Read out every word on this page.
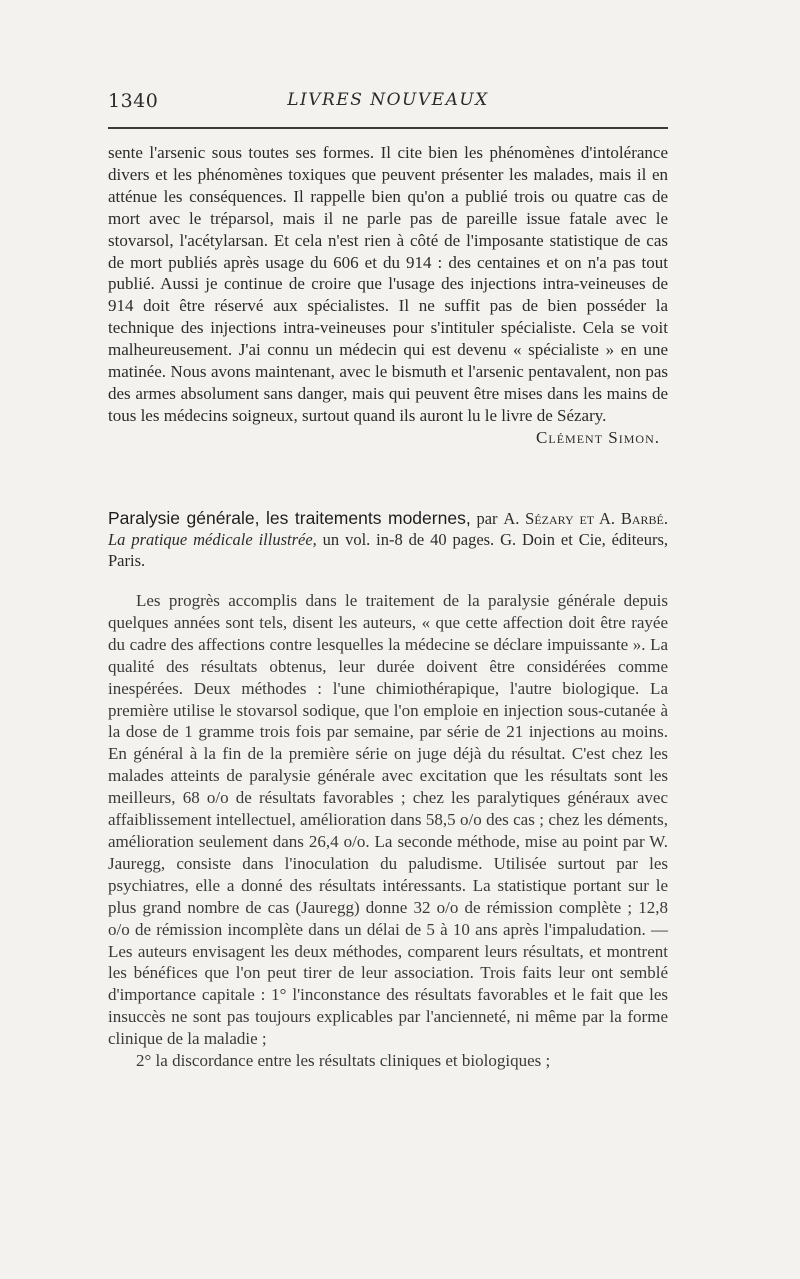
1340	LIVRES NOUVEAUX
sente l'arsenic sous toutes ses formes. Il cite bien les phénomènes d'intolérance divers et les phénomènes toxiques que peuvent présenter les malades, mais il en atténue les conséquences. Il rappelle bien qu'on a publié trois ou quatre cas de mort avec le tréparsol, mais il ne parle pas de pareille issue fatale avec le stovarsol, l'acétylarsan. Et cela n'est rien à côté de l'imposante statistique de cas de mort publiés après usage du 606 et du 914 : des centaines et on n'a pas tout publié. Aussi je continue de croire que l'usage des injections intra-veineuses de 914 doit être réservé aux spécialistes. Il ne suffit pas de bien posséder la technique des injections intra-veineuses pour s'intituler spécialiste. Cela se voit malheureusement. J'ai connu un médecin qui est devenu « spécialiste » en une matinée. Nous avons maintenant, avec le bismuth et l'arsenic pentavalent, non pas des armes absolument sans danger, mais qui peuvent être mises dans les mains de tous les médecins soigneux, surtout quand ils auront lu le livre de Sézary.
Clément Simon.
Paralysie générale, les traitements modernes, par A. Sézary et A. Barbé. La pratique médicale illustrée, un vol. in-8 de 40 pages. G. Doin et Cie, éditeurs, Paris.

Les progrès accomplis dans le traitement de la paralysie générale depuis quelques années sont tels, disent les auteurs, « que cette affection doit être rayée du cadre des affections contre lesquelles la médecine se déclare impuissante ». La qualité des résultats obtenus, leur durée doivent être considérées comme inespérées. Deux méthodes : l'une chimiothérapique, l'autre biologique. La première utilise le stovarsol sodique, que l'on emploie en injection sous-cutanée à la dose de 1 gramme trois fois par semaine, par série de 21 injections au moins. En général à la fin de la première série on juge déjà du résultat. C'est chez les malades atteints de paralysie générale avec excitation que les résultats sont les meilleurs, 68 o/o de résultats favorables ; chez les paralytiques généraux avec affaiblissement intellectuel, amélioration dans 58,5 o/o des cas ; chez les déments, amélioration seulement dans 26,4 o/o. La seconde méthode, mise au point par W. Jauregg, consiste dans l'inoculation du paludisme. Utilisée surtout par les psychiatres, elle a donné des résultats intéressants. La statistique portant sur le plus grand nombre de cas (Jauregg) donne 32 o/o de rémission complète ; 12,8 o/o de rémission incomplète dans un délai de 5 à 10 ans après l'impaludation. — Les auteurs envisagent les deux méthodes, comparent leurs résultats, et montrent les bénéfices que l'on peut tirer de leur association. Trois faits leur ont semblé d'importance capitale : 1° l'inconstance des résultats favorables et le fait que les insuccès ne sont pas toujours explicables par l'ancienneté, ni même par la forme clinique de la maladie ;

2° la discordance entre les résultats cliniques et biologiques ;
